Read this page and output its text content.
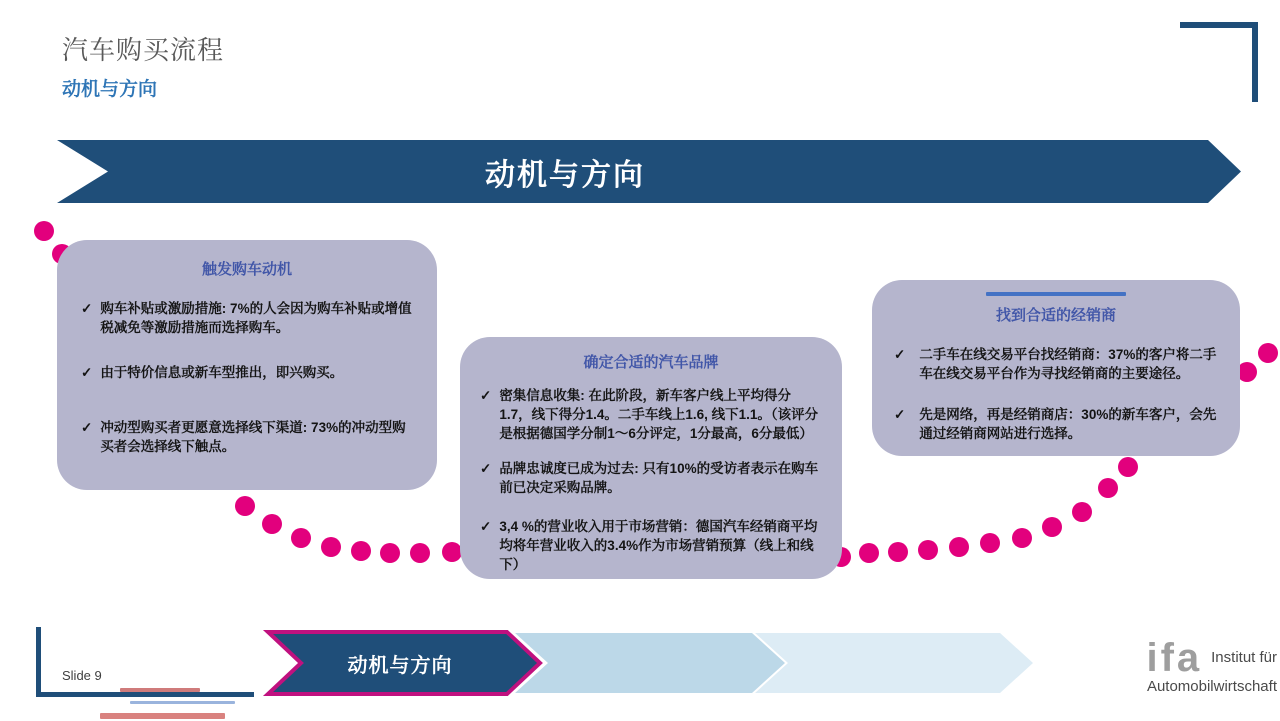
汽车购买流程
动机与方向
动机与方向
触发购车动机
✓ 购车补贴或激励措施: 7%的人会因为购车补贴或增值税减免等激励措施而选择购车。
✓ 由于特价信息或新车型推出，即兴购买。
✓ 冲动型购买者更愿意选择线下渠道: 73%的冲动型购买者会选择线下触点。
确定合适的汽车品牌
✓ 密集信息收集: 在此阶段，新车客户线上平均得分1.7，线下得分1.4。二手车线上1.6, 线下1.1。（该评分是根据德国学分制1～6分评定，1分最高，6分最低）
✓ 品牌忠诚度已成为过去: 只有10%的受访者表示在购车前已决定采购品牌。
✓ 3,4 %的营业收入用于市场营销：德国汽车经销商平均均将年营业收入的3.4%作为市场营销预算（线上和线下）
找到合适的经销商
✓ 二手车在线交易平台找经销商：37%的客户将二手车在线交易平台作为寻找经销商的主要途径。
✓ 先是网络，再是经销商店：30%的新车客户，会先通过经销商网站进行选择。
动机与方向
Slide 9	ifa Institut für
Automobilwirtschaft
